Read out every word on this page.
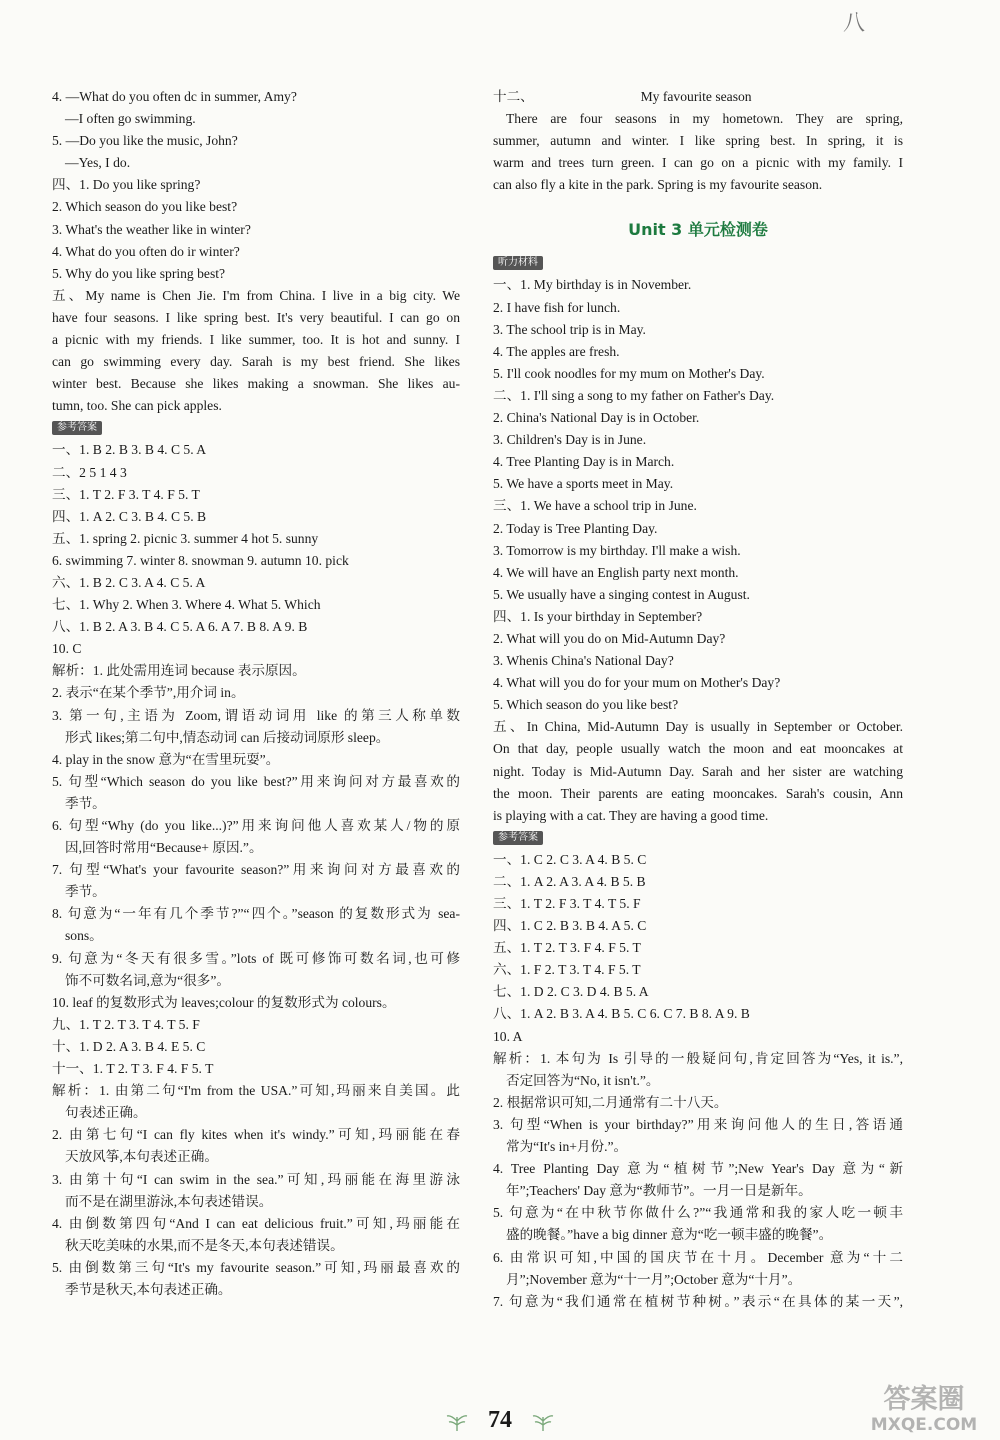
八
4. —What do you often dc in summer, Amy?
—I often go swimming.
5. —Do you like the music, John?
—Yes, I do.
四、1. Do you like spring?
2. Which season do you like best?
3. What's the weather like in winter?
4. What do you often do ir winter?
5. Why do you like spring best?
五、My name is Chen Jie. I'm from China. I live in a big city. We
have four seasons. I like spring best. It's very beautiful. I can go on
a picnic with my friends. I like summer, too. It is hot and sunny. I
can go swimming every day. Sarah is my best friend. She likes
winter best. Because she likes making a snowman. She likes au-
tumn, too. She can pick apples.
参考答案
一、1. B 2. B 3. B 4. C 5. A
二、2 5 1 4 3
三、1. T 2. F 3. T 4. F 5. T
四、1. A 2. C 3. B 4. C 5. B
五、1. spring 2. picnic 3. summer 4 hot 5. sunny
6. swimming 7. winter 8. snowman 9. autumn 10. pick
六、1. B 2. C 3. A 4. C 5. A
七、1. Why 2. When 3. Where 4. What 5. Which
八、1. B 2. A 3. B 4. C 5. A 6. A 7. B 8. A 9. B
10. C
解析：1. 此处需用连词 because 表示原因。
2. 表示“在某个季节”,用介词 in。
3. 第一句,主语为 Zoom,谓语动词用 like 的第三人称单数
形式 likes;第二句中,情态动词 can 后接动词原形 sleep。
4. play in the snow 意为“在雪里玩耍”。
5. 句型“Which season do you like best?”用来询问对方最喜欢的
季节。
6. 句型“Why (do you like...)?”用来询问他人喜欢某人/物的原
因,回答时常用“Because+ 原因.”。
7. 句型“What's your favourite season?”用来询问对方最喜欢的
季节。
8. 句意为“一年有几个季节?”“四个。”season 的复数形式为 sea-
sons。
9. 句意为“冬天有很多雪。”lots of 既可修饰可数名词,也可修
饰不可数名词,意为“很多”。
10. leaf 的复数形式为 leaves;colour 的复数形式为 colours。
九、1. T 2. T 3. T 4. T 5. F
十、1. D 2. A 3. B 4. E 5. C
十一、1. T 2. T 3. F 4. F 5. T
解析：1. 由第二句“I'm from the USA.”可知,玛丽来自美国。此
句表述正确。
2. 由第七句“I can fly kites when it's windy.”可知,玛丽能在春
天放风筝,本句表述正确。
3. 由第十句“I can swim in the sea.”可知,玛丽能在海里游泳
而不是在湖里游泳,本句表述错误。
4. 由倒数第四句“And I can eat delicious fruit.”可知,玛丽能在
秋天吃美味的水果,而不是冬天,本句表述错误。
5. 由倒数第三句“It's my favourite season.”可知,玛丽最喜欢的
季节是秋天,本句表述正确。
十二、	My favourite season
There are four seasons in my hometown. They are spring,
summer, autumn and winter. I like spring best. In spring, it is
warm and trees turn green. I can go on a picnic with my family. I
can also fly a kite in the park. Spring is my favourite season.
Unit 3 单元检测卷
听力材料
一、1. My birthday is in November.
2. I have fish for lunch.
3. The school trip is in May.
4. The apples are fresh.
5. I'll cook noodles for my mum on Mother's Day.
二、1. I'll sing a song to my father on Father's Day.
2. China's National Day is in October.
3. Children's Day is in June.
4. Tree Planting Day is in March.
5. We have a sports meet in May.
三、1. We have a school trip in June.
2. Today is Tree Planting Day.
3. Tomorrow is my birthday. I'll make a wish.
4. We will have an English party next month.
5. We usually have a singing contest in August.
四、1. Is your birthday in September?
2. What will you do on Mid-Autumn Day?
3. Whenis China's National Day?
4. What will you do for your mum on Mother's Day?
5. Which season do you like best?
五、In China, Mid-Autumn Day is usually in September or October.
On that day, people usually watch the moon and eat mooncakes at
night. Today is Mid-Autumn Day. Sarah and her sister are watching
the moon. Their parents are eating mooncakes. Sarah's cousin, Ann
is playing with a cat. They are having a good time.
参考答案
一、1. C 2. C 3. A 4. B 5. C
二、1. A 2. A 3. A 4. B 5. B
三、1. T 2. F 3. T 4. T 5. F
四、1. C 2. B 3. B 4. A 5. C
五、1. T 2. T 3. F 4. F 5. T
六、1. F 2. T 3. T 4. F 5. T
七、1. D 2. C 3. D 4. B 5. A
八、1. A 2. B 3. A 4. B 5. C 6. C 7. B 8. A 9. B
10. A
解析：1. 本句为 Is 引导的一般疑问句,肯定回答为“Yes, it is.”,
否定回答为“No, it isn't.”。
2. 根据常识可知,二月通常有二十八天。
3. 句型“When is your birthday?”用来询问他人的生日,答语通
常为“It's in+月份.”。
4. Tree Planting Day 意为“植树节”;New Year's Day 意为“新
年”;Teachers' Day 意为“教师节”。一月一日是新年。
5. 句意为“在中秋节你做什么?”“我通常和我的家人吃一顿丰
盛的晚餐。”have a big dinner 意为“吃一顿丰盛的晚餐”。
6. 由常识可知,中国的国庆节在十月。December 意为“十二
月”;November 意为“十一月”;October 意为“十月”。
7. 句意为“我们通常在植树节种树。”表示“在具体的某一天”,
74
答案圈
MXQE.COM
